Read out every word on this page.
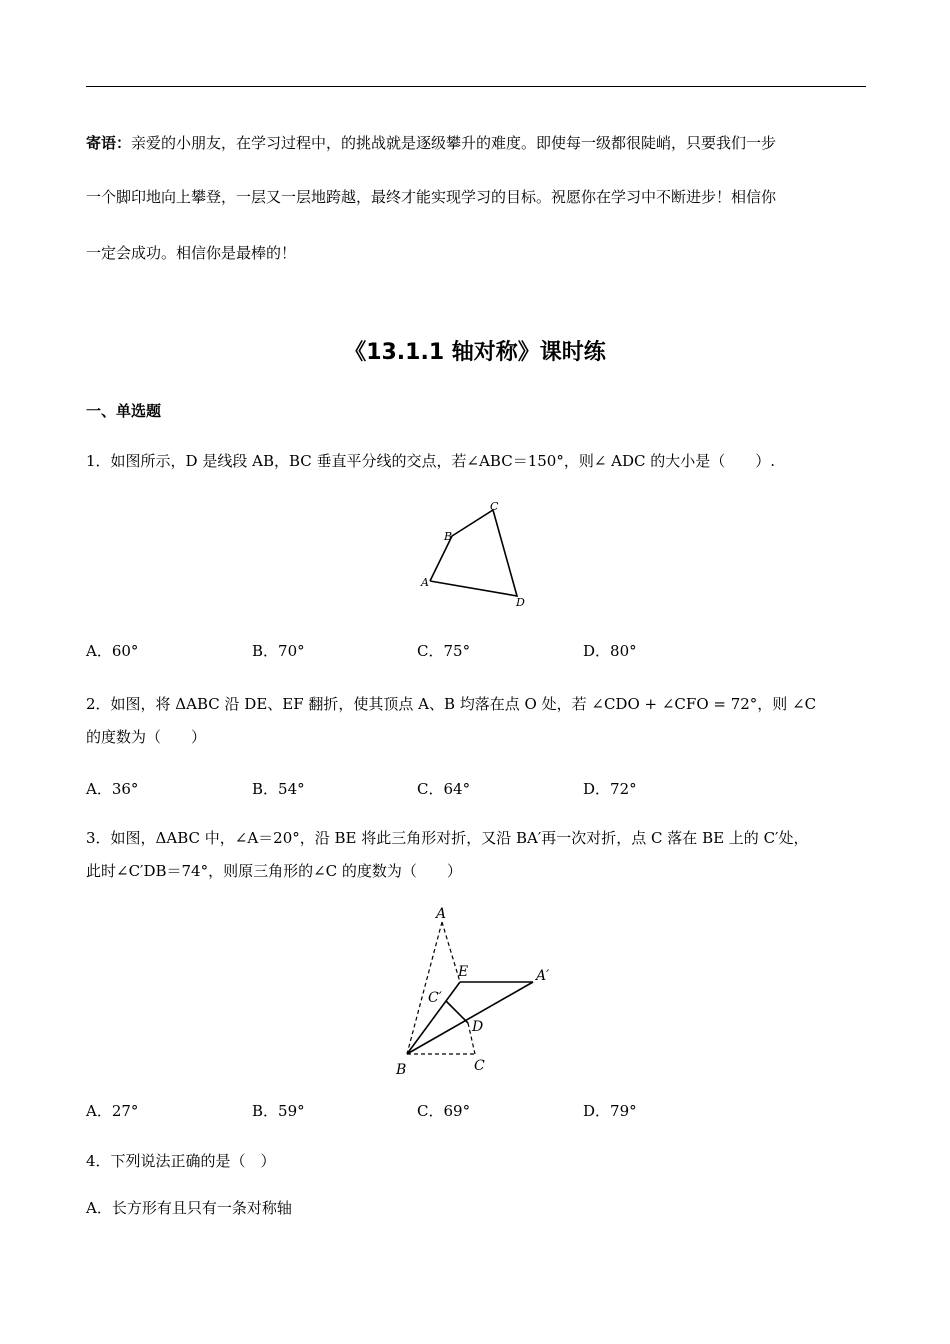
寄语：亲爱的小朋友，在学习过程中，的挑战就是逐级攀升的难度。即使每一级都很陡峭，只要我们一步
一个脚印地向上攀登，一层又一层地跨越，最终才能实现学习的目标。祝愿你在学习中不断进步！相信你
一定会成功。相信你是最棒的！
《13.1.1 轴对称》课时练
一、单选题
1．如图所示，D 是线段 AB，BC 垂直平分线的交点，若∠ABC＝150°，则∠ ADC 的大小是（　　）.
A
B
C
D
A．60°	B．70°	C．75°	D．80°
2．如图，将 ΔABC 沿 DE、EF 翻折，使其顶点 A、B 均落在点 O 处，若 ∠CDO + ∠CFO = 72°，则 ∠C
的度数为（　　）
A．36°	B．54°	C．64°	D．72°
3．如图，ΔABC 中，∠A＝20°，沿 BE 将此三角形对折，又沿 BA′再一次对折，点 C 落在 BE 上的 C′处，
此时∠C′DB＝74°，则原三角形的∠C 的度数为（　　）
A
E	A′
C′
D
B	C
A．27°	B．59°	C．69°	D．79°
4．下列说法正确的是（　）
A．长方形有且只有一条对称轴
